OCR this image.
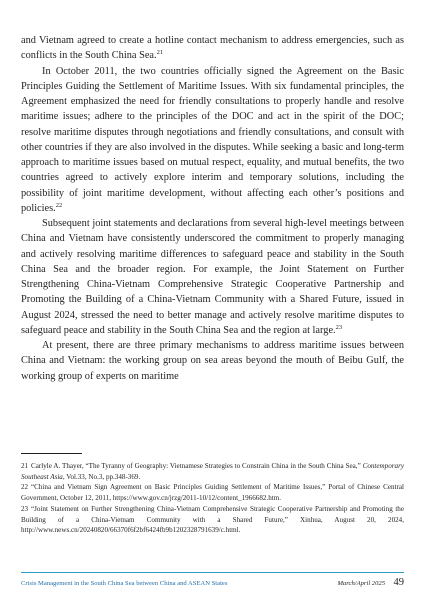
and Vietnam agreed to create a hotline contact mechanism to address emergencies, such as conflicts in the South China Sea.$^{21}$

In October 2011, the two countries officially signed the Agreement on the Basic Principles Guiding the Settlement of Maritime Issues. With six fundamental principles, the Agreement emphasized the need for friendly consultations to properly handle and resolve maritime issues; adhere to the principles of the DOC and act in the spirit of the DOC; resolve maritime disputes through negotiations and friendly consultations, and consult with other countries if they are also involved in the disputes. While seeking a basic and long-term approach to maritime issues based on mutual respect, equality, and mutual benefits, the two countries agreed to actively explore interim and temporary solutions, including the possibility of joint maritime development, without affecting each other’s positions and policies.$^{22}$

Subsequent joint statements and declarations from several high-level meetings between China and Vietnam have consistently underscored the commitment to properly managing and actively resolving maritime differences to safeguard peace and stability in the South China Sea and the broader region. For example, the Joint Statement on Further Strengthening China-Vietnam Comprehensive Strategic Cooperative Partnership and Promoting the Building of a China-Vietnam Community with a Shared Future, issued in August 2024, stressed the need to better manage and actively resolve maritime disputes to safeguard peace and stability in the South China Sea and the region at large.$^{23}$

At present, there are three primary mechanisms to address maritime issues between China and Vietnam: the working group on sea areas beyond the mouth of Beibu Gulf, the working group of experts on maritime

21 Carlyle A. Thayer, “The Tyranny of Geography: Vietnamese Strategies to Constrain China in the South China Sea,” Contemporary Southeast Asia, Vol.33, No.3, pp.348-369.

22 “China and Vietnam Sign Agreement on Basic Principles Guiding Settlement of Maritime Issues,” Portal of Chinese Central Government, October 12, 2011, https://www.gov.cn/jrzg/2011-10/12/content_1966682.htm.

23 “Joint Statement on Further Strengthening China-Vietnam Comprehensive Strategic Cooperative Partnership and Promoting the Building of a China-Vietnam Community with a Shared Future,” Xinhua, August 20, 2024, http://www.news.cn/20240820/66370f6f2bf6424fb9b1202328791639/c.html.

Crisis Management in the South China Sea between China and ASEAN States	March/April 2025 49
